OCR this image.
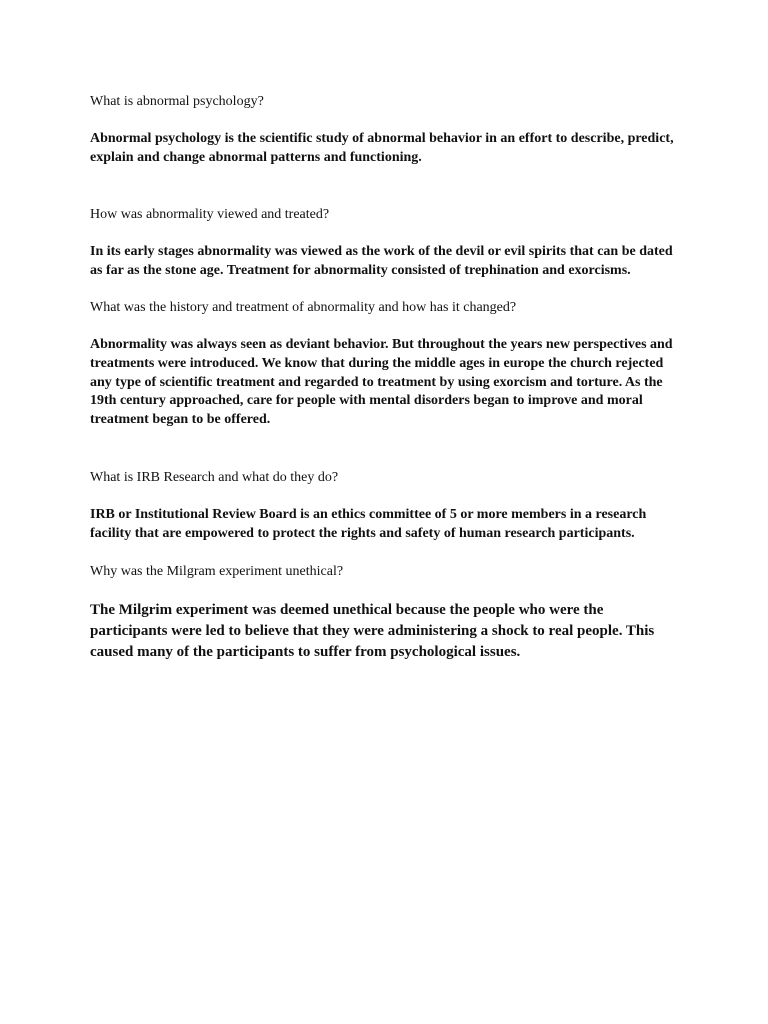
What is abnormal psychology?

Abnormal psychology is the scientific study of abnormal behavior in an effort to describe, predict, explain and change abnormal patterns and functioning.

How was abnormality viewed and treated?

In its early stages abnormality was viewed as the work of the devil or evil spirits that can be dated as far as the stone age. Treatment for abnormality consisted of trephination and exorcisms.

What was the history and treatment of abnormality and how has it changed?

Abnormality was always seen as deviant behavior. But throughout the years new perspectives and treatments were introduced. We know that during the middle ages in europe the church rejected any type of scientific treatment and regarded to treatment by using exorcism and torture. As the 19th century approached, care for people with mental disorders began to improve and moral treatment began to be offered.

What is IRB Research and what do they do?

IRB or Institutional Review Board is an ethics committee of 5 or more members in a research facility that are empowered to protect the rights and safety of human research participants.

Why was the Milgram experiment unethical?

The Milgrim experiment was deemed unethical because the people who were the participants were led to believe that they were administering a shock to real people. This caused many of the participants to suffer from psychological issues.
